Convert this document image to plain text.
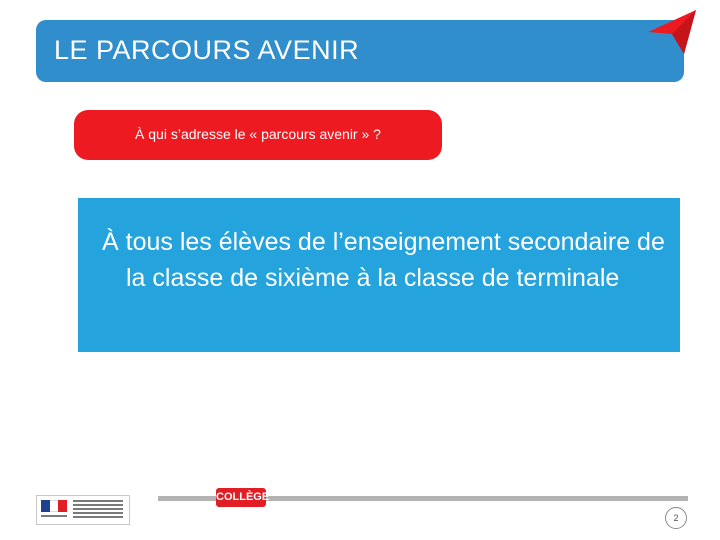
LE PARCOURS AVENIR
À qui s’adresse le « parcours avenir » ?
À tous les élèves de l’enseignement secondaire de la classe de sixième à la classe de terminale
COLLÈGE
2
